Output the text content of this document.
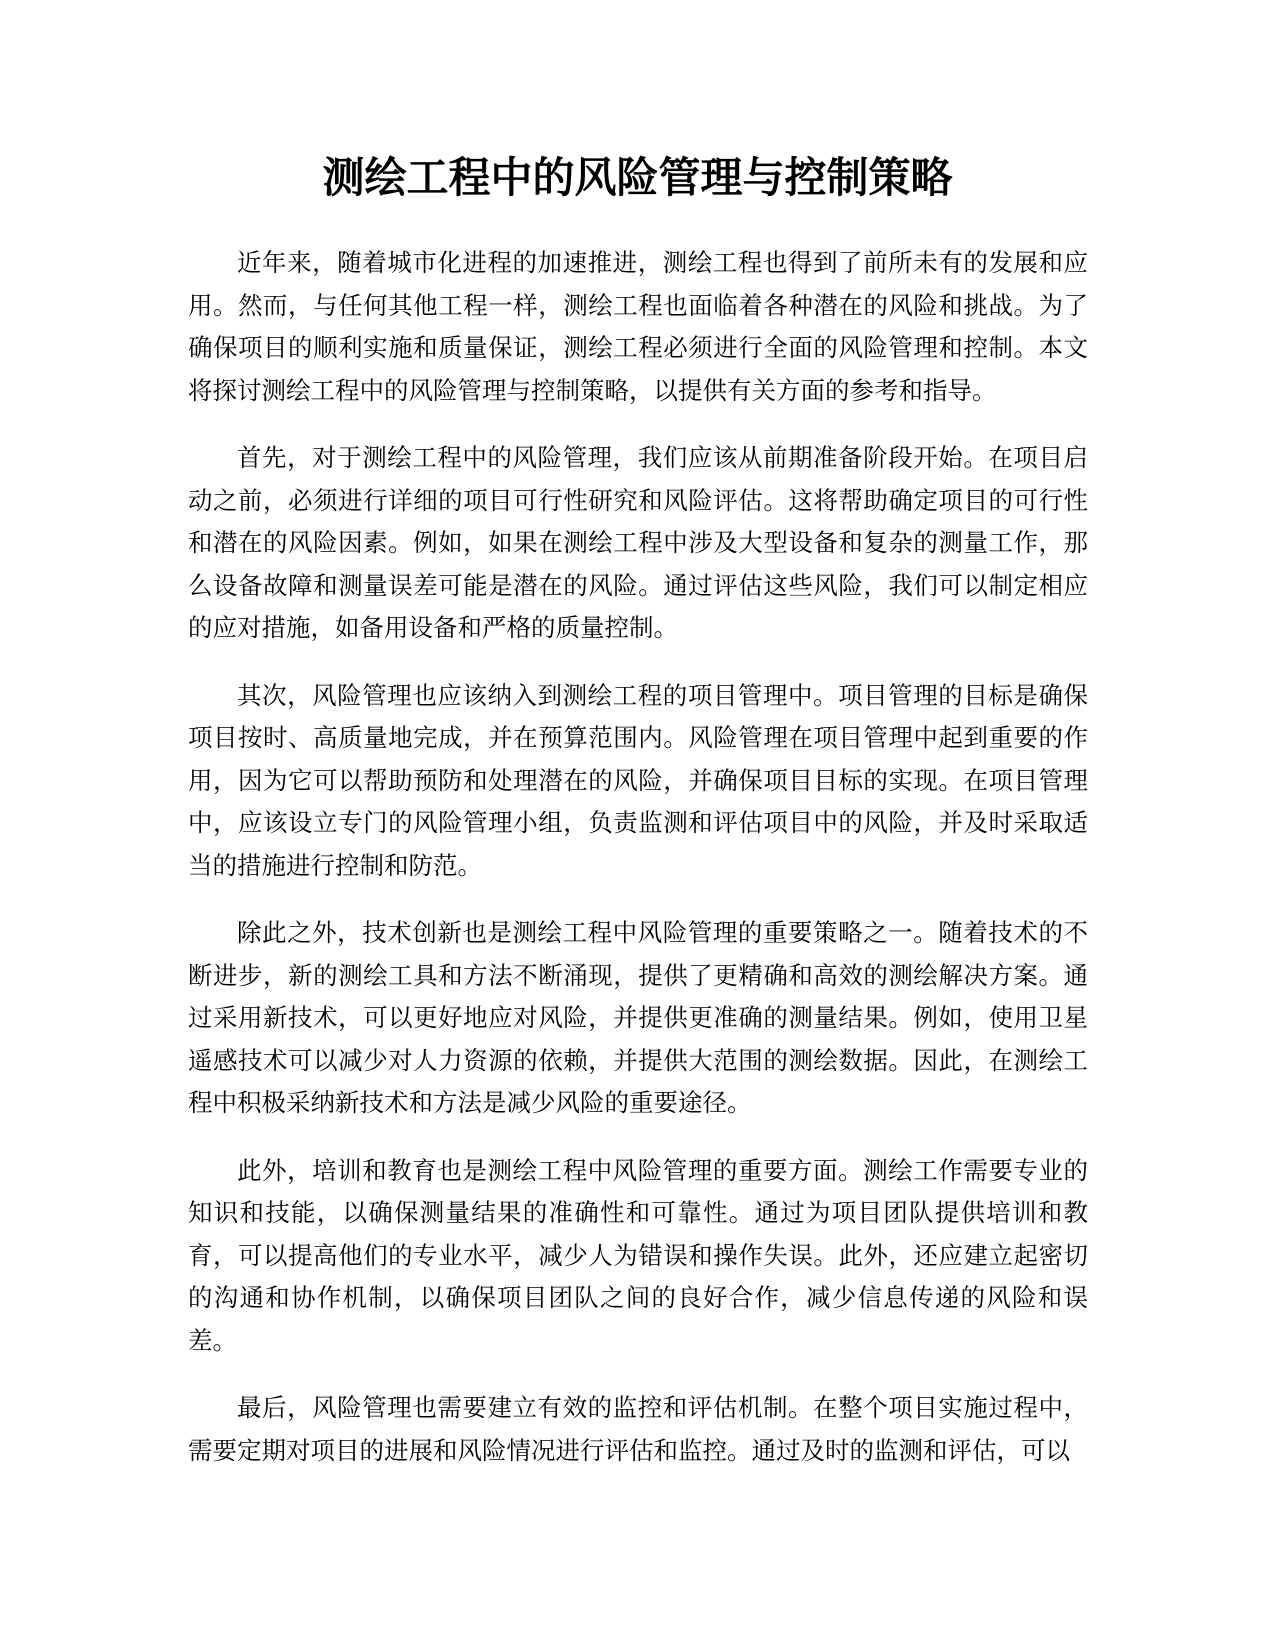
测绘工程中的风险管理与控制策略

近年来，随着城市化进程的加速推进，测绘工程也得到了前所未有的发展和应用。然而，与任何其他工程一样，测绘工程也面临着各种潜在的风险和挑战。为了确保项目的顺利实施和质量保证，测绘工程必须进行全面的风险管理和控制。本文将探讨测绘工程中的风险管理与控制策略，以提供有关方面的参考和指导。

首先，对于测绘工程中的风险管理，我们应该从前期准备阶段开始。在项目启动之前，必须进行详细的项目可行性研究和风险评估。这将帮助确定项目的可行性和潜在的风险因素。例如，如果在测绘工程中涉及大型设备和复杂的测量工作，那么设备故障和测量误差可能是潜在的风险。通过评估这些风险，我们可以制定相应的应对措施，如备用设备和严格的质量控制。

其次，风险管理也应该纳入到测绘工程的项目管理中。项目管理的目标是确保项目按时、高质量地完成，并在预算范围内。风险管理在项目管理中起到重要的作用，因为它可以帮助预防和处理潜在的风险，并确保项目目标的实现。在项目管理中，应该设立专门的风险管理小组，负责监测和评估项目中的风险，并及时采取适当的措施进行控制和防范。

除此之外，技术创新也是测绘工程中风险管理的重要策略之一。随着技术的不断进步，新的测绘工具和方法不断涌现，提供了更精确和高效的测绘解决方案。通过采用新技术，可以更好地应对风险，并提供更准确的测量结果。例如，使用卫星遥感技术可以减少对人力资源的依赖，并提供大范围的测绘数据。因此，在测绘工程中积极采纳新技术和方法是减少风险的重要途径。

此外，培训和教育也是测绘工程中风险管理的重要方面。测绘工作需要专业的知识和技能，以确保测量结果的准确性和可靠性。通过为项目团队提供培训和教育，可以提高他们的专业水平，减少人为错误和操作失误。此外，还应建立起密切的沟通和协作机制，以确保项目团队之间的良好合作，减少信息传递的风险和误差。

最后，风险管理也需要建立有效的监控和评估机制。在整个项目实施过程中，需要定期对项目的进展和风险情况进行评估和监控。通过及时的监测和评估，可以
